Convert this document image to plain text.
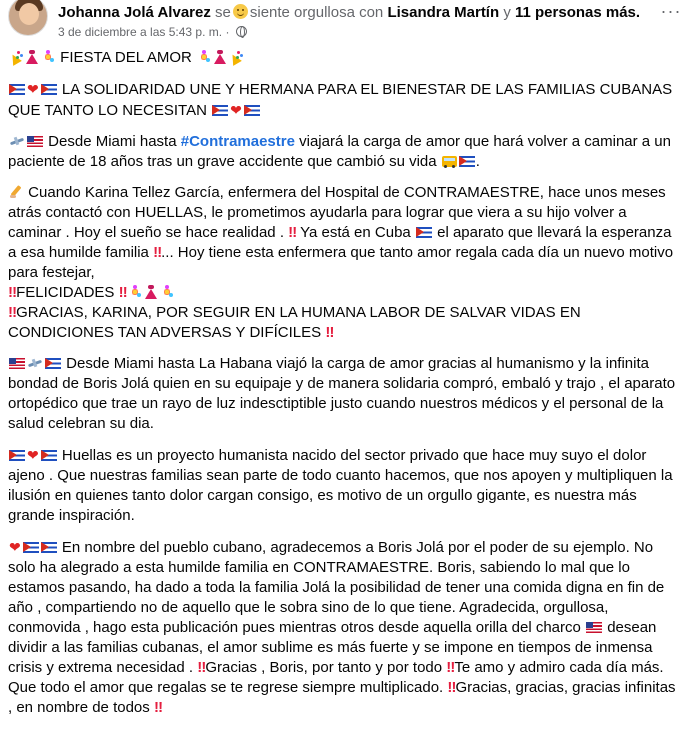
Johanna Jolá Alvarez se siente orgullosa con Lisandra Martín y 11 personas más.
3 de diciembre a las 5:43 p. m. ·
···
FIESTA DEL AMOR
❤ LA SOLIDARIDAD UNE Y HERMANA PARA EL BIENESTAR DE LAS FAMILIAS CUBANAS QUE TANTO LO NECESITAN ❤
Desde Miami hasta #Contramaestre viajará la carga de amor que hará volver a caminar a un paciente de 18 años tras un grave accidente que cambió su vida	.
Cuando Karina Tellez García, enfermera del Hospital de CONTRAMAESTRE, hace unos meses atrás contactó con HUELLAS, le prometimos ayudarla para lograr que viera a su hijo volver a caminar . Hoy el sueño se hace realidad . ‼ Ya está en Cuba el aparato que llevará la esperanza a esa humilde familia ‼... Hoy tiene esta enfermera que tanto amor regala cada día un nuevo motivo para festejar,
‼FELICIDADES ‼
‼GRACIAS, KARINA, POR SEGUIR EN LA HUMANA LABOR DE SALVAR VIDAS EN CONDICIONES TAN ADVERSAS Y DIFÍCILES ‼
Desde Miami hasta La Habana viajó la carga de amor gracias al humanismo y la infinita bondad de Boris Jolá quien en su equipaje y de manera solidaria compró, embaló y trajo , el aparato ortopédico que trae un rayo de luz indesctiptible justo cuando nuestros médicos y el personal de la salud celebran su dia.
❤ Huellas es un proyecto humanista nacido del sector privado que hace muy suyo el dolor ajeno . Que nuestras familias sean parte de todo cuanto hacemos, que nos apoyen y multipliquen la ilusión en quienes tanto dolor cargan consigo, es motivo de un orgullo gigante, es nuestra más grande inspiración.
❤	En nombre del pueblo cubano, agradecemos a Boris Jolá por el poder de su ejemplo. No solo ha alegrado a esta humilde familia en CONTRAMAESTRE. Boris, sabiendo lo mal que lo estamos pasando, ha dado a toda la familia Jolá la posibilidad de tener una comida digna en fin de año , compartiendo no de aquello que le sobra sino de lo que tiene. Agradecida, orgullosa, conmovida , hago esta publicación pues mientras otros desde aquella orilla del charco desean dividir a las familias cubanas, el amor sublime es más fuerte y se impone en tiempos de inmensa crisis y extrema necesidad . ‼Gracias , Boris, por tanto y por todo ‼Te amo y admiro cada día más. Que todo el amor que regalas se te regrese siempre multiplicado. ‼Gracias, gracias, gracias infinitas , en nombre de todos ‼
